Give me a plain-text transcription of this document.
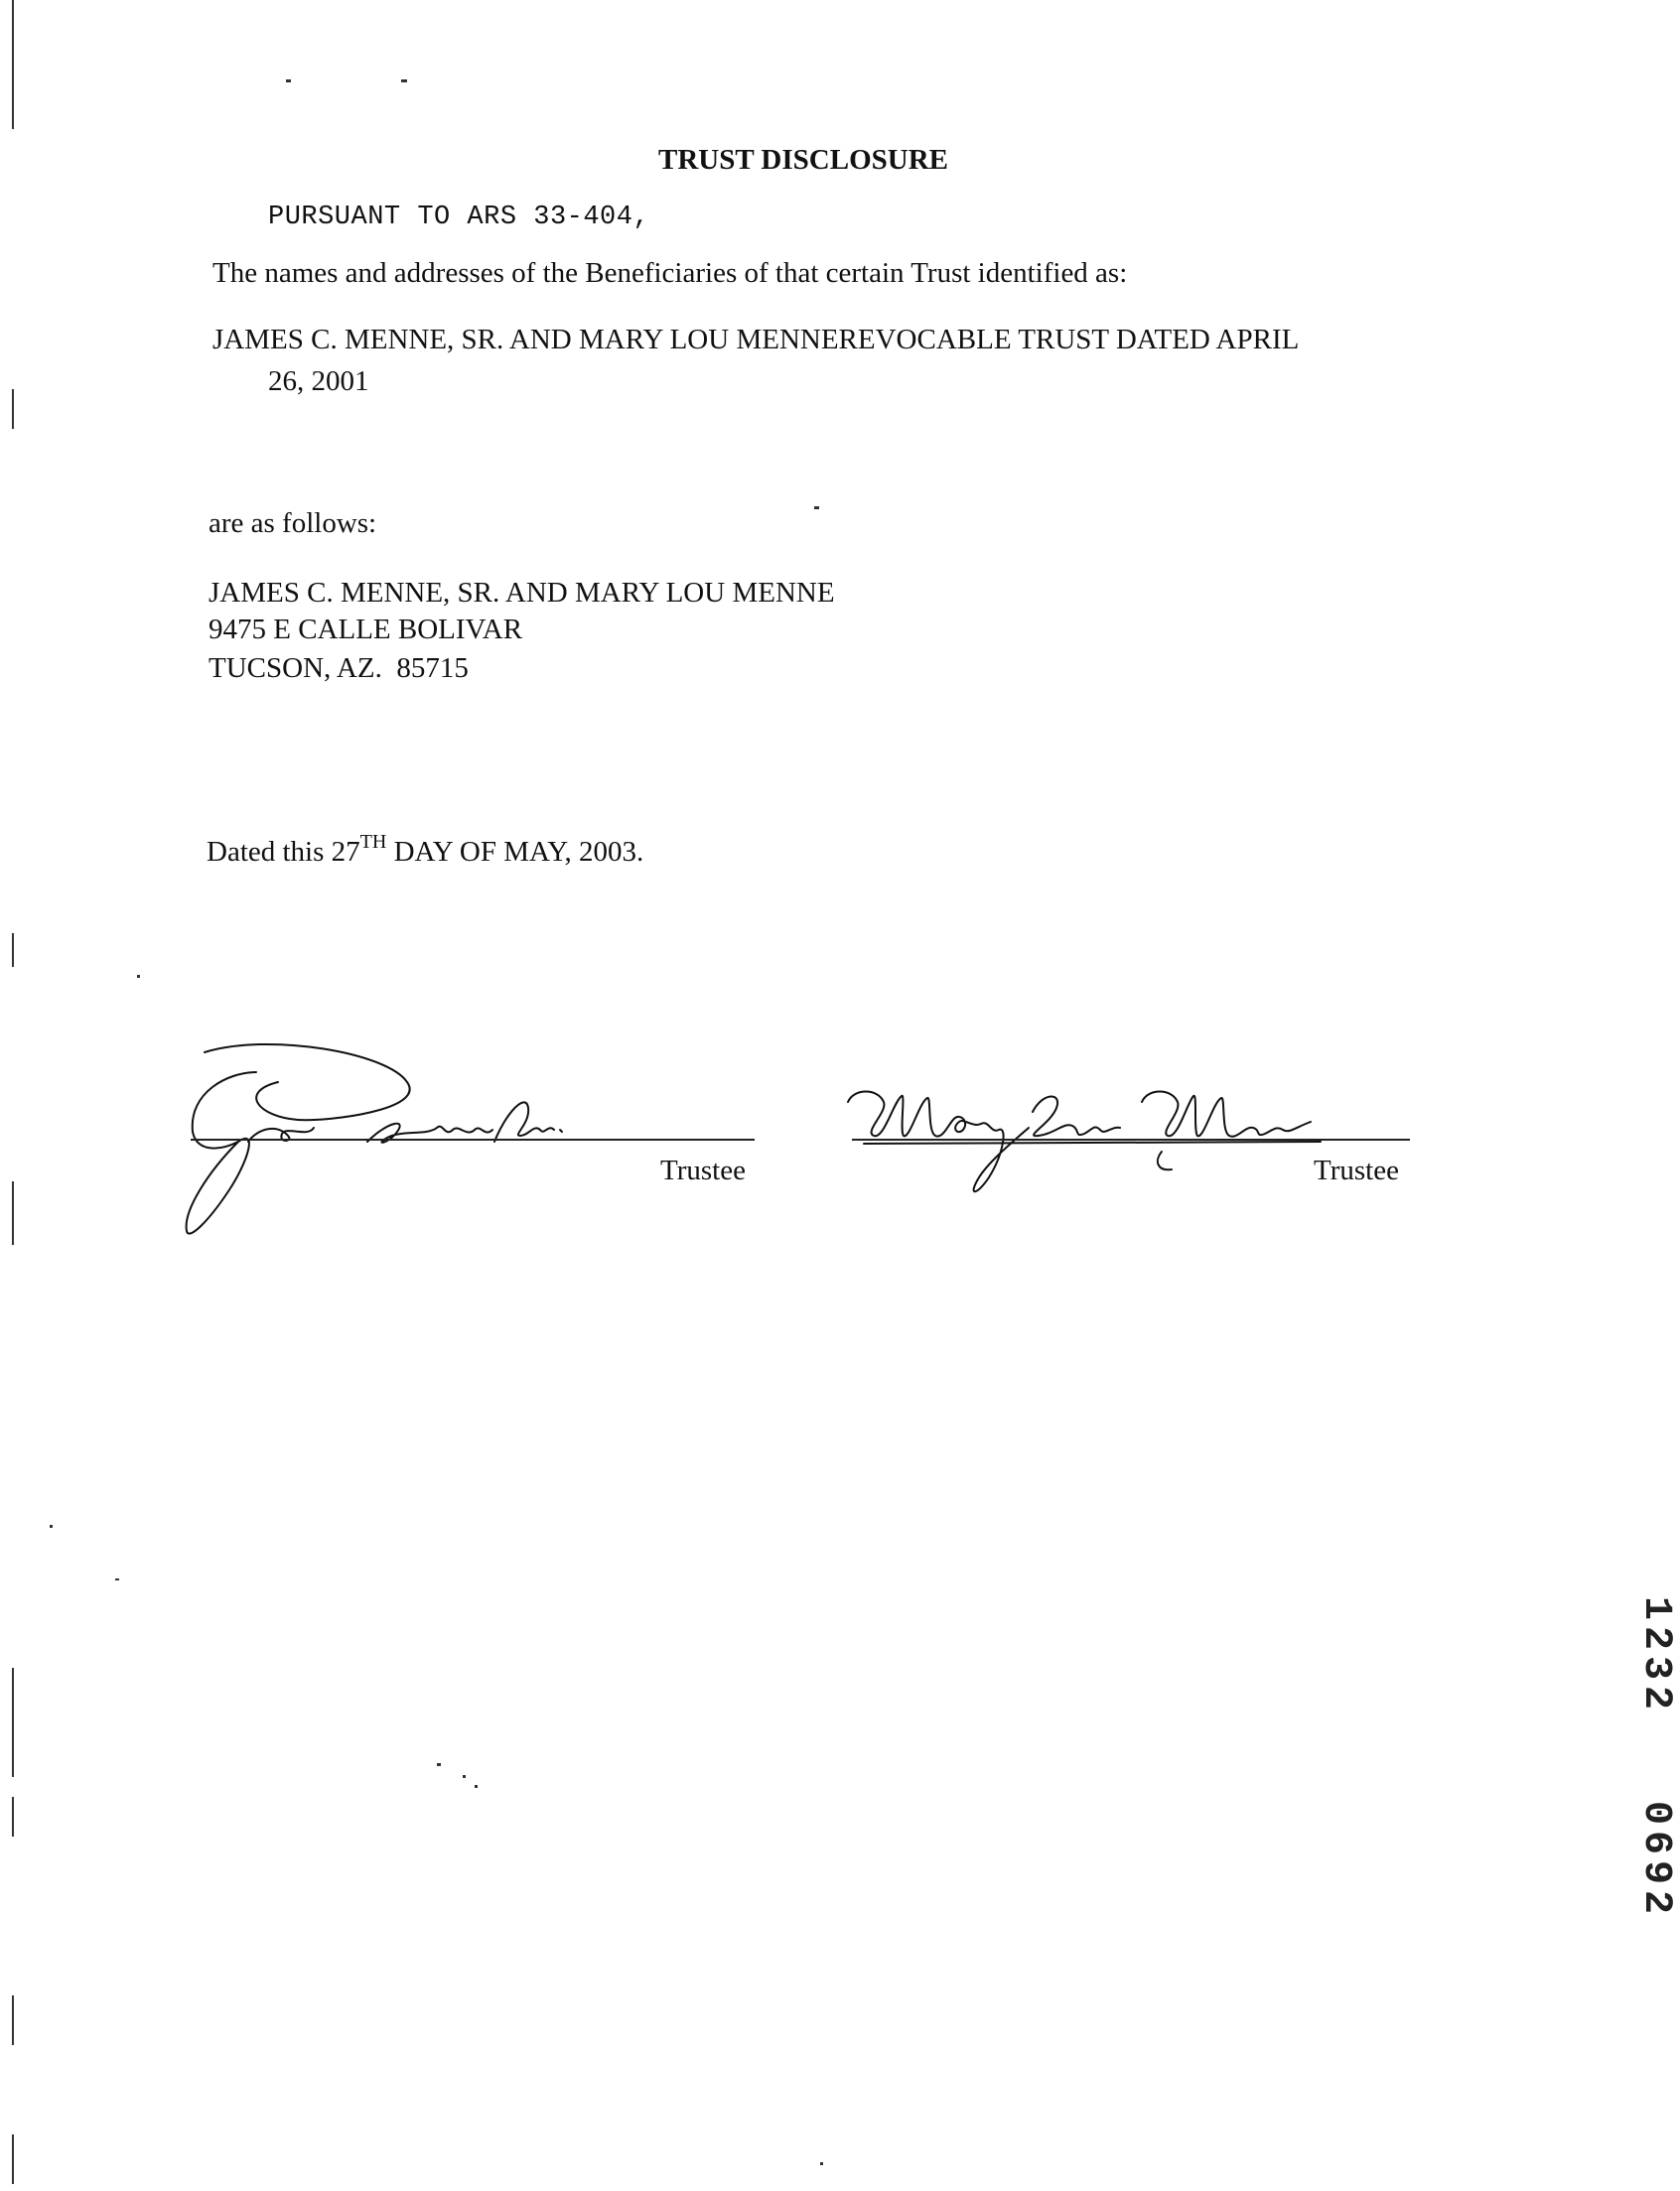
TRUST DISCLOSURE
PURSUANT TO ARS 33-404,
The names and addresses of the Beneficiaries of that certain Trust identified as:
JAMES C. MENNE, SR. AND MARY LOU MENNEREVOCABLE TRUST DATED APRIL
26, 2001
are as follows:
JAMES C. MENNE, SR. AND MARY LOU MENNE
9475 E CALLE BOLIVAR
TUCSON, AZ.  85715
Dated this 27TH DAY OF MAY, 2003.
Trustee	Trustee
1232
0692
